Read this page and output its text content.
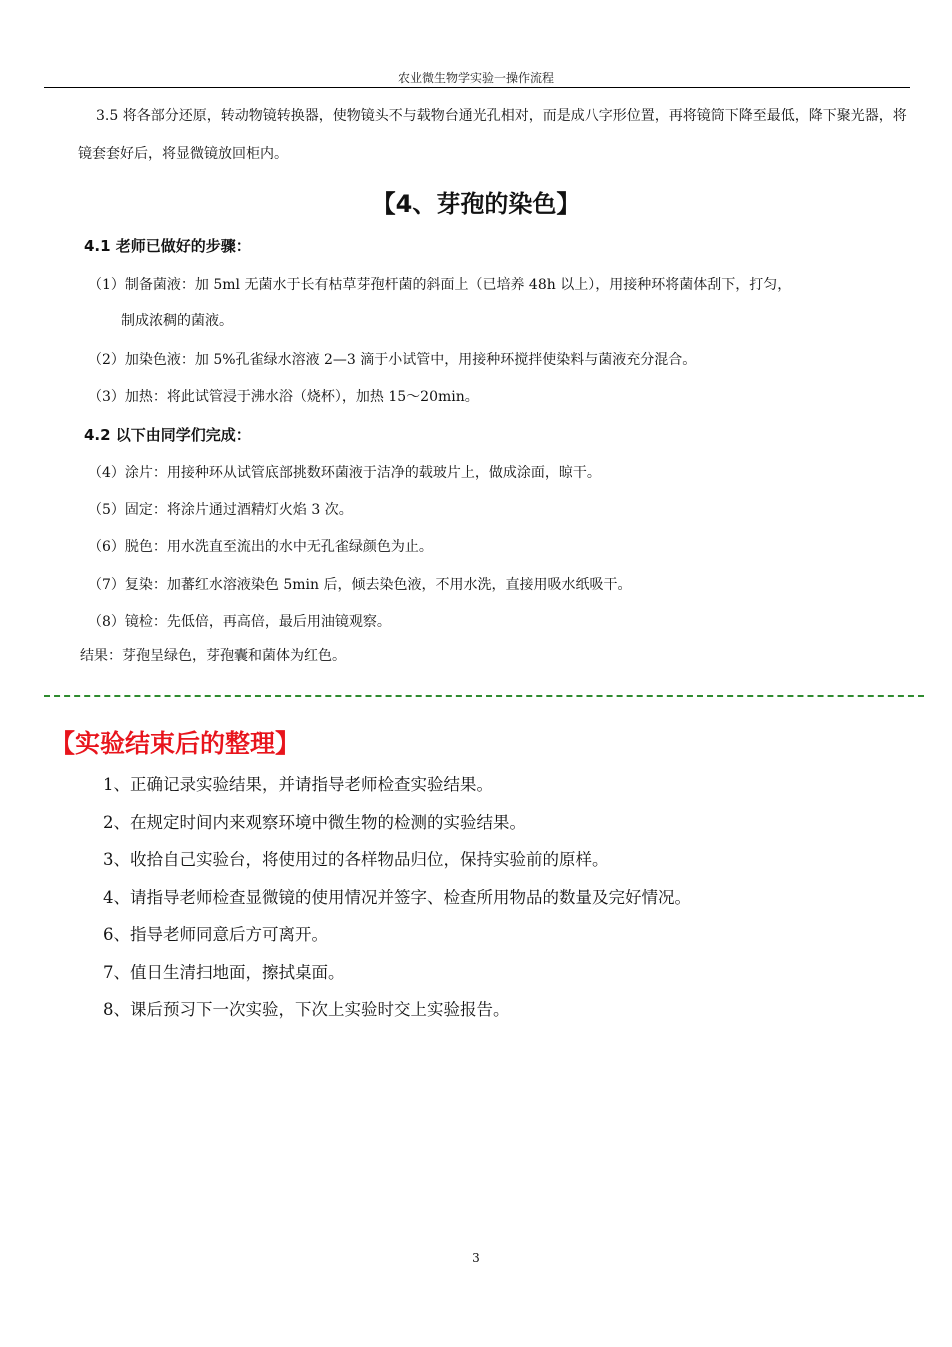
农业微生物学实验一操作流程
3.5 将各部分还原，转动物镜转换器，使物镜头不与载物台通光孔相对，而是成八字形位置，再将镜筒下降至最低，降下聚光器，将镜套套好后，将显微镜放回柜内。
【4、芽孢的染色】
4.1 老师已做好的步骤：
（1）制备菌液：加 5ml 无菌水于长有枯草芽孢杆菌的斜面上（已培养 48h 以上），用接种环将菌体刮下，打匀，
制成浓稠的菌液。
（2）加染色液：加 5%孔雀绿水溶液 2—3 滴于小试管中，用接种环搅拌使染料与菌液充分混合。
（3）加热：将此试管浸于沸水浴（烧杯），加热 15～20min。
4.2 以下由同学们完成：
（4）涂片：用接种环从试管底部挑数环菌液于洁净的载玻片上，做成涂面，晾干。
（5）固定：将涂片通过酒精灯火焰 3 次。
（6）脱色：用水洗直至流出的水中无孔雀绿颜色为止。
（7）复染：加蕃红水溶液染色 5min 后，倾去染色液，不用水洗，直接用吸水纸吸干。
（8）镜检：先低倍，再高倍，最后用油镜观察。
结果：芽孢呈绿色，芽孢囊和菌体为红色。
【实验结束后的整理】
1、正确记录实验结果，并请指导老师检查实验结果。
2、在规定时间内来观察环境中微生物的检测的实验结果。
3、收拾自己实验台，将使用过的各样物品归位，保持实验前的原样。
4、请指导老师检查显微镜的使用情况并签字、检查所用物品的数量及完好情况。
6、指导老师同意后方可离开。
7、值日生清扫地面，擦拭桌面。
8、课后预习下一次实验，下次上实验时交上实验报告。
3
